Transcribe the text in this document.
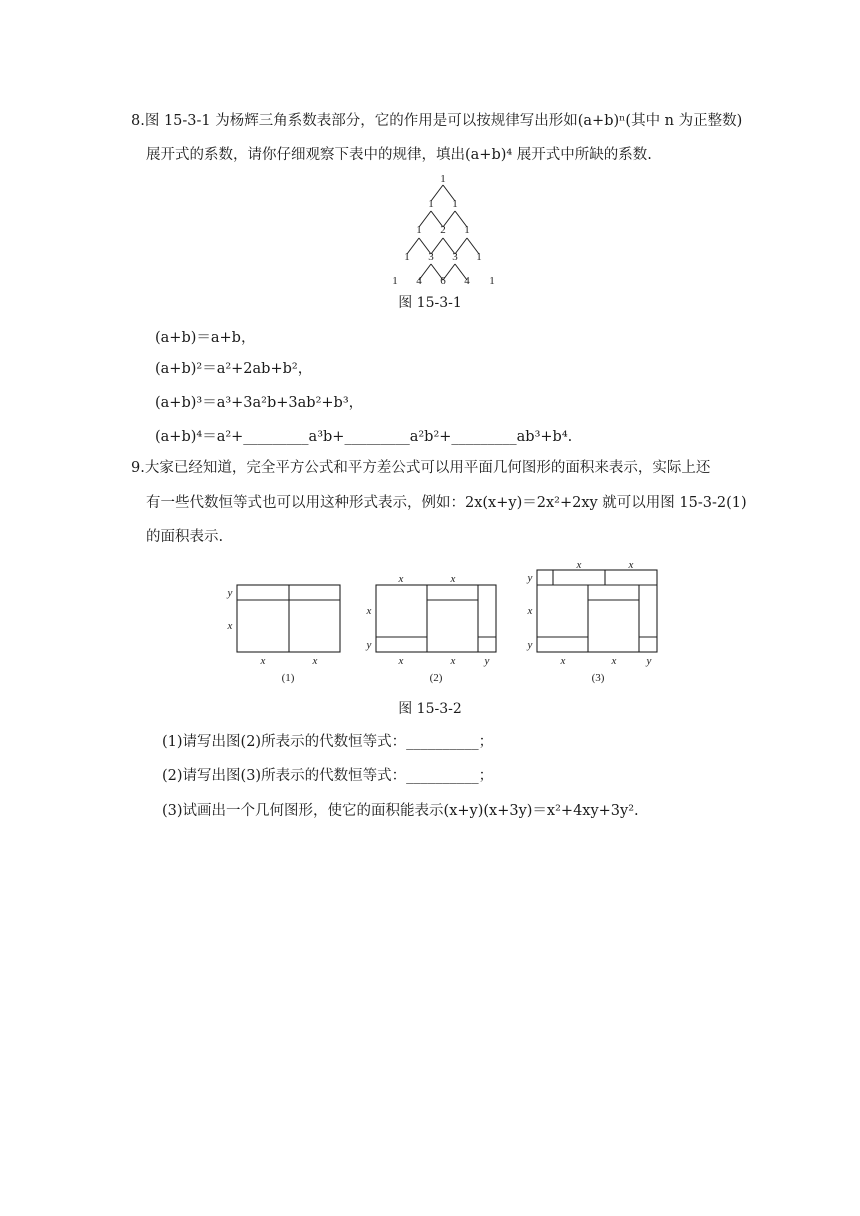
8.图 15-3-1 为杨辉三角系数表部分，它的作用是可以按规律写出形如(a+b)ⁿ(其中 n 为正整数)
展开式的系数，请你仔细观察下表中的规律，填出(a+b)⁴ 展开式中所缺的系数.
1
1 1
1 2 1
1 3 3 1
1 4 6 4 1
图 15-3-1
(a+b)＝a+b，
(a+b)²＝a²+2ab+b²，
(a+b)³＝a³+3a²b+3ab²+b³，
(a+b)⁴＝a²+_________a³b+_________a²b²+_________ab³+b⁴.
9.大家已经知道，完全平方公式和平方差公式可以用平面几何图形的面积来表示，实际上还
有一些代数恒等式也可以用这种形式表示，例如：2x(x+y)＝2x²+2xy 就可以用图 15-3-2(1)
的面积表示.
y
x
x	x
x	x
x
y
x	x	y
x	x
y
x
y
x	x	y
(1)	(2)	(3)
图 15-3-2
(1)请写出图(2)所表示的代数恒等式：__________；
(2)请写出图(3)所表示的代数恒等式：__________；
(3)试画出一个几何图形，使它的面积能表示(x+y)(x+3y)＝x²+4xy+3y².
